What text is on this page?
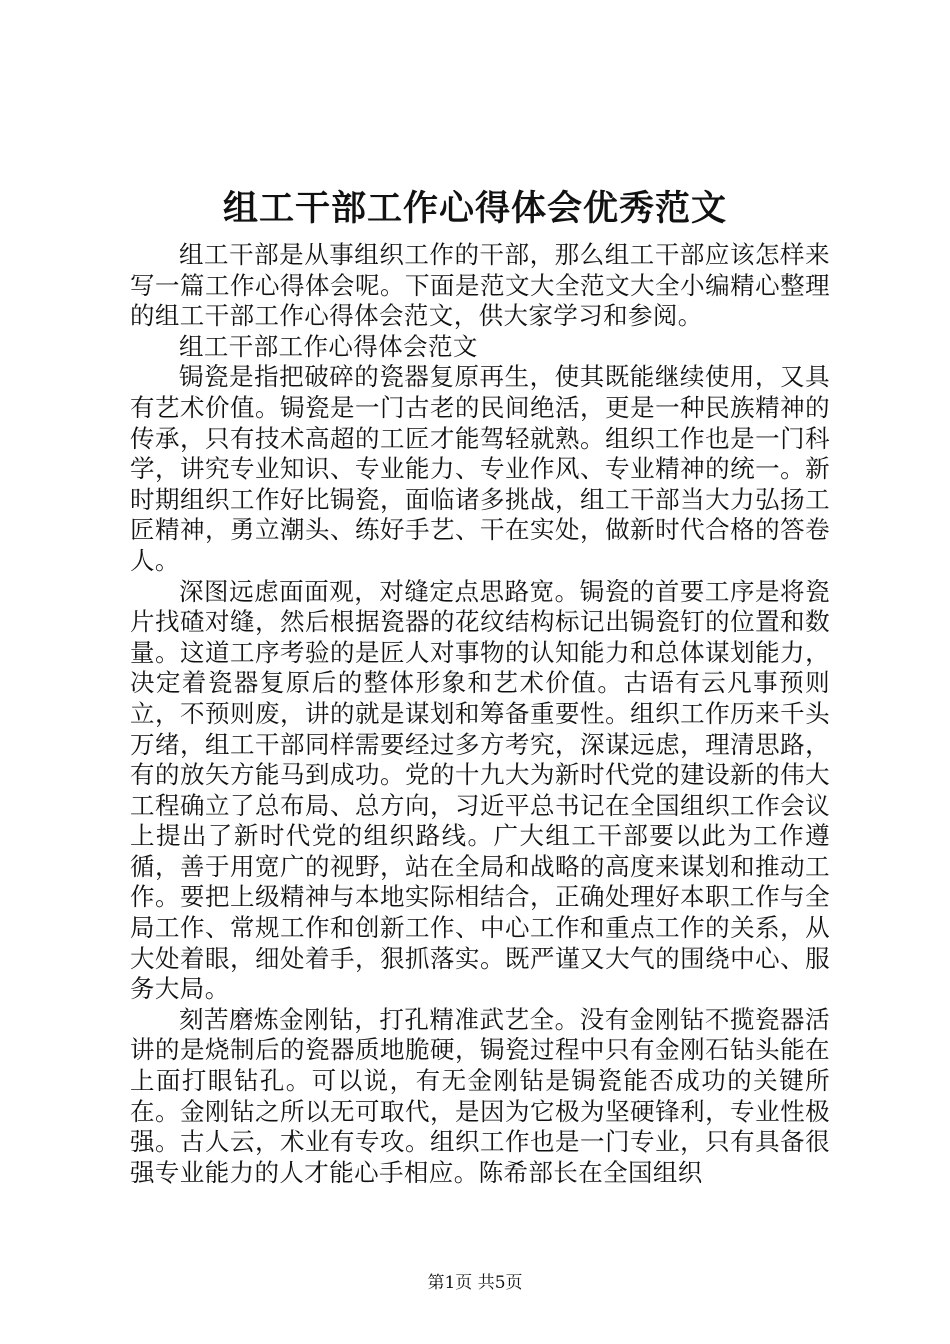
组工干部工作心得体会优秀范文

组工干部是从事组织工作的干部，那么组工干部应该怎样来写一篇工作心得体会呢。下面是范文大全范文大全小编精心整理的组工干部工作心得体会范文，供大家学习和参阅。

组工干部工作心得体会范文

锔瓷是指把破碎的瓷器复原再生，使其既能继续使用，又具有艺术价值。锔瓷是一门古老的民间绝活，更是一种民族精神的传承，只有技术高超的工匠才能驾轻就熟。组织工作也是一门科学，讲究专业知识、专业能力、专业作风、专业精神的统一。新时期组织工作好比锔瓷，面临诸多挑战，组工干部当大力弘扬工匠精神，勇立潮头、练好手艺、干在实处，做新时代合格的答卷人。

深图远虑面面观，对缝定点思路宽。锔瓷的首要工序是将瓷片找碴对缝，然后根据瓷器的花纹结构标记出锔瓷钉的位置和数量。这道工序考验的是匠人对事物的认知能力和总体谋划能力，决定着瓷器复原后的整体形象和艺术价值。古语有云凡事预则立，不预则废，讲的就是谋划和筹备重要性。组织工作历来千头万绪，组工干部同样需要经过多方考究，深谋远虑，理清思路，有的放矢方能马到成功。党的十九大为新时代党的建设新的伟大工程确立了总布局、总方向，习近平总书记在全国组织工作会议上提出了新时代党的组织路线。广大组工干部要以此为工作遵循，善于用宽广的视野，站在全局和战略的高度来谋划和推动工作。要把上级精神与本地实际相结合，正确处理好本职工作与全局工作、常规工作和创新工作、中心工作和重点工作的关系，从大处着眼，细处着手，狠抓落实。既严谨又大气的围绕中心、服务大局。

刻苦磨炼金刚钻，打孔精准武艺全。没有金刚钻不揽瓷器活讲的是烧制后的瓷器质地脆硬，锔瓷过程中只有金刚石钻头能在上面打眼钻孔。可以说，有无金刚钻是锔瓷能否成功的关键所在。金刚钻之所以无可取代，是因为它极为坚硬锋利，专业性极强。古人云，术业有专攻。组织工作也是一门专业，只有具备很强专业能力的人才能心手相应。陈希部长在全国组织

第1页 共5页
